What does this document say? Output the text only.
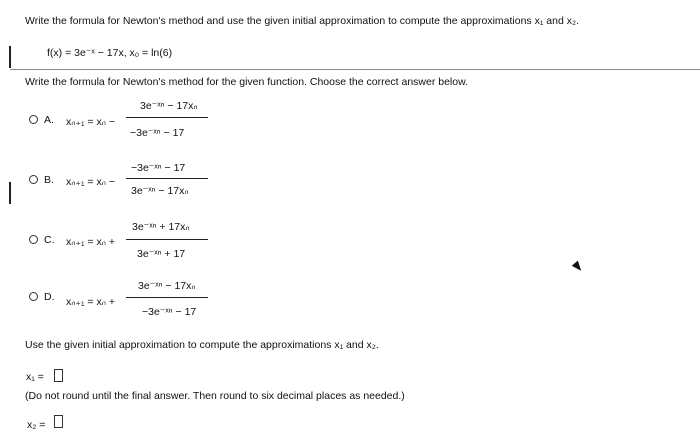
Write the formula for Newton's method and use the given initial approximation to compute the approximations x₁ and x₂.
f(x) = 3e⁻ˣ − 17x, x₀ = ln(6)
Write the formula for Newton's method for the given function. Choose the correct answer below.
A. xₙ₊₁ = xₙ −
3e⁻ˣⁿ − 17xₙ
−3e⁻ˣⁿ − 17
B. xₙ₊₁ = xₙ −
−3e⁻ˣⁿ − 17
3e⁻ˣⁿ − 17xₙ
C. xₙ₊₁ = xₙ +
3e⁻ˣⁿ + 17xₙ
3e⁻ˣⁿ + 17
D. xₙ₊₁ = xₙ +
3e⁻ˣⁿ − 17xₙ
−3e⁻ˣⁿ − 17
Use the given initial approximation to compute the approximations x₁ and x₂.
x₁ =
(Do not round until the final answer. Then round to six decimal places as needed.)
x₂ =
